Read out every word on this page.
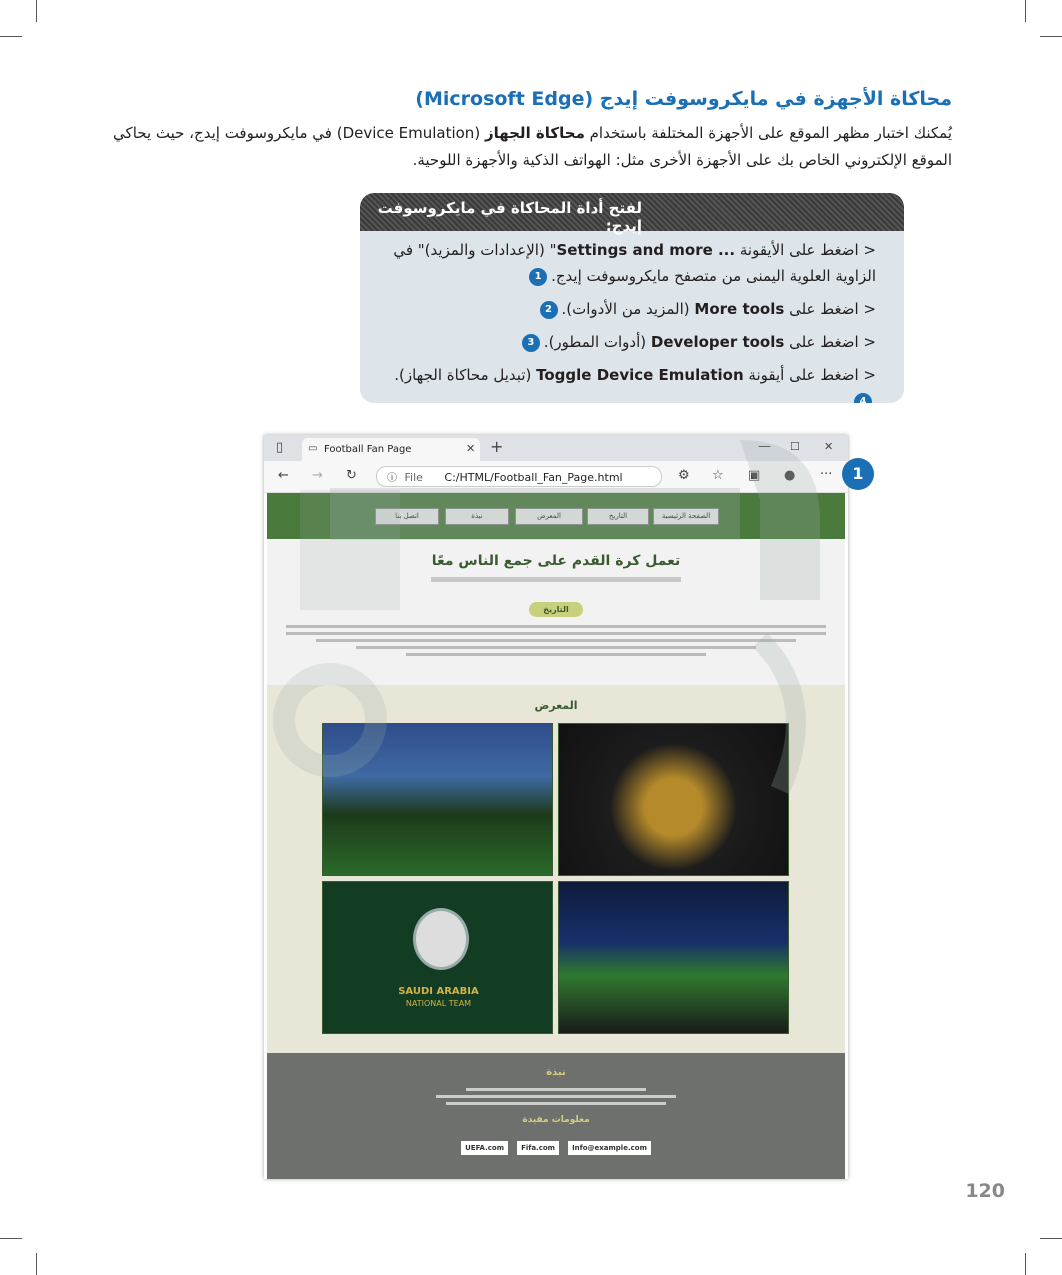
محاكاة الأجهزة في مايكروسوفت إيدج (Microsoft Edge)
يُمكنك اختبار مظهر الموقع على الأجهزة المختلفة باستخدام محاكاة الجهاز (Device Emulation) في مايكروسوفت إيدج، حيث يحاكي الموقع الإلكتروني الخاص بك على الأجهزة الأخرى مثل: الهواتف الذكية والأجهزة اللوحية.
لفتح أداة المحاكاة في مايكروسوفت إيدج:
< اضغط على الأيقونة ... Settings and more" (الإعدادات والمزيد)" في الزاوية العلوية اليمنى من متصفح مايكروسوفت إيدج.1
< اضغط على More tools (المزيد من الأدوات).2
< اضغط على Developer tools (أدوات المطور).3
< اضغط على أيقونة Toggle Device Emulation (تبديل محاكاة الجهاز).4
▯ ▭ Football Fan Page	✕ +	— ☐ ✕
← → ↻	ⓘ File C:/HTML/Football_Fan_Page.html	⚙ ☆ ▣ ● ···
الصفحة الرئيسية
التاريخ
المعرض
نبذة
اتصل بنا
تعمل كرة القدم على جمع الناس معًا
التاريخ
المعرض
SAUDI ARABIA
NATIONAL TEAM
نبذة
معلومات مفيدة
UEFA.com Fifa.com Info@example.com
1
120
